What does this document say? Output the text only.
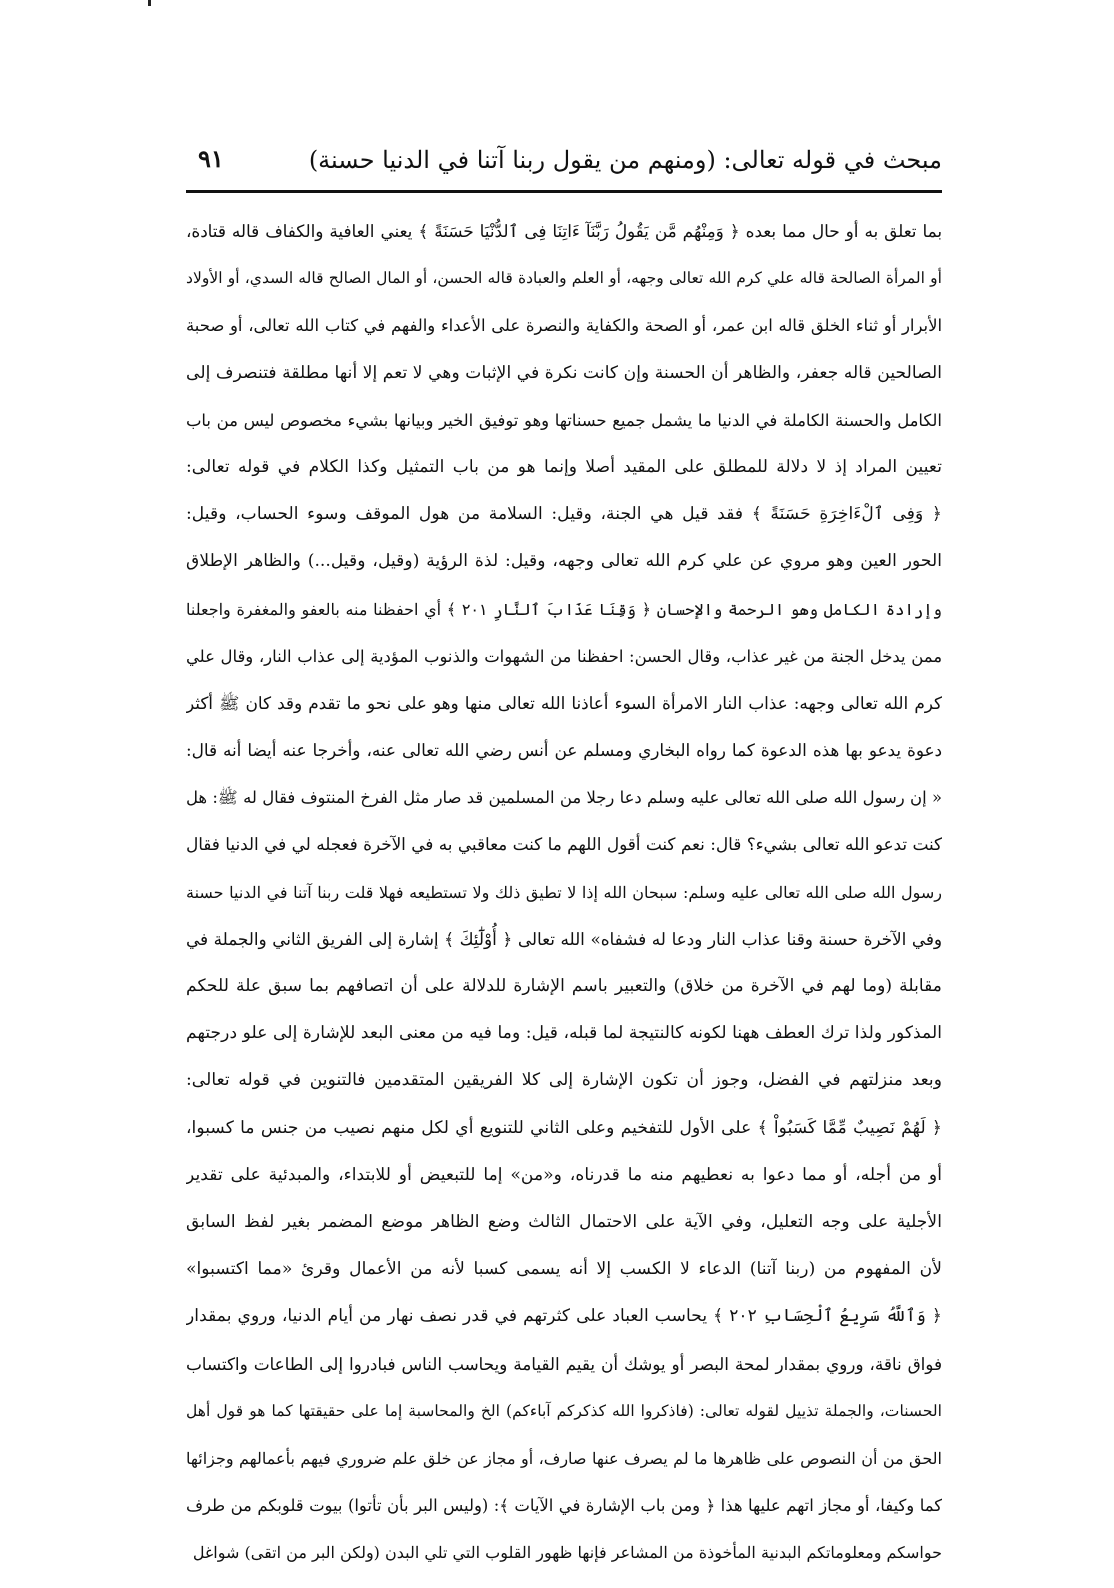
مبحث في قوله تعالى: (ومنهم من يقول ربنا آتنا في الدنيا حسنة)
٩١
بما تعلق به أو حال مما بعده ﴿ وَمِنْهُم مَّن يَقُولُ رَبَّنَآ ءَاتِنَا فِى ٱلدُّنْيَا حَسَنَةً ﴾ يعني العافية والكفاف قاله قتادة،
أو المرأة الصالحة قاله علي كرم الله تعالى وجهه، أو العلم والعبادة قاله الحسن، أو المال الصالح قاله السدي، أو الأولاد
الأبرار أو ثناء الخلق قاله ابن عمر، أو الصحة والكفاية والنصرة على الأعداء والفهم في كتاب الله تعالى، أو صحبة
الصالحين قاله جعفر، والظاهر أن الحسنة وإن كانت نكرة في الإثبات وهي لا تعم إلا أنها مطلقة فتنصرف إلى
الكامل والحسنة الكاملة في الدنيا ما يشمل جميع حسناتها وهو توفيق الخير وبيانها بشيء مخصوص ليس من باب
تعيين المراد إذ لا دلالة للمطلق على المقيد أصلا وإنما هو من باب التمثيل وكذا الكلام في قوله تعالى:
﴿ وَفِى ٱلْءَاخِرَةِ حَسَنَةً ﴾ فقد قيل هي الجنة، وقيل: السلامة من هول الموقف وسوء الحساب، وقيل:
الحور العين وهو مروي عن علي كرم الله تعالى وجهه، وقيل: لذة الرؤية (وقيل، وقيل...) والظاهر الإطلاق
وإرادة الكامل وهو الرحمة والإحسان ﴿ وَقِنَا عَذَابَ ٱلنَّارِ ٢٠١ ﴾ أي احفظنا منه بالعفو والمغفرة واجعلنا
ممن يدخل الجنة من غير عذاب، وقال الحسن: احفظنا من الشهوات والذنوب المؤدية إلى عذاب النار، وقال علي
كرم الله تعالى وجهه: عذاب النار الامرأة السوء أعاذنا الله تعالى منها وهو على نحو ما تقدم وقد كان ﷺ أكثر
دعوة يدعو بها هذه الدعوة كما رواه البخاري ومسلم عن أنس رضي الله تعالى عنه، وأخرجا عنه أيضا أنه قال:
« إن رسول الله صلى الله تعالى عليه وسلم دعا رجلا من المسلمين قد صار مثل الفرخ المنتوف فقال له ﷺ: هل
كنت تدعو الله تعالى بشيء؟ قال: نعم كنت أقول اللهم ما كنت معاقبي به في الآخرة فعجله لي في الدنيا فقال
رسول الله صلى الله تعالى عليه وسلم: سبحان الله إذا لا تطيق ذلك ولا تستطيعه فهلا قلت ربنا آتنا في الدنيا حسنة
وفي الآخرة حسنة وقنا عذاب النار ودعا له فشفاه» الله تعالى ﴿ أُوْلَٰٓئِكَ ﴾ إشارة إلى الفريق الثاني والجملة في
مقابلة (وما لهم في الآخرة من خلاق) والتعبير باسم الإشارة للدلالة على أن اتصافهم بما سبق علة للحكم
المذكور ولذا ترك العطف ههنا لكونه كالنتيجة لما قبله، قيل: وما فيه من معنى البعد للإشارة إلى علو درجتهم
وبعد منزلتهم في الفضل، وجوز أن تكون الإشارة إلى كلا الفريقين المتقدمين فالتنوين في قوله تعالى:
﴿ لَهُمْ نَصِيبٌ مِّمَّا كَسَبُواْ ﴾ على الأول للتفخيم وعلى الثاني للتنويع أي لكل منهم نصيب من جنس ما كسبوا،
أو من أجله، أو مما دعوا به نعطيهم منه ما قدرناه، و«من» إما للتبعيض أو للابتداء، والمبدئية على تقدير
الأجلية على وجه التعليل، وفي الآية على الاحتمال الثالث وضع الظاهر موضع المضمر بغير لفظ السابق
لأن المفهوم من (ربنا آتنا) الدعاء لا الكسب إلا أنه يسمى كسبا لأنه من الأعمال وقرئ «مما اكتسبوا»
﴿ وَٱللَّهُ سَرِيعُ ٱلْحِسَابِ ٢٠٢ ﴾ يحاسب العباد على كثرتهم في قدر نصف نهار من أيام الدنيا، وروي بمقدار
فواق ناقة، وروي بمقدار لمحة البصر أو يوشك أن يقيم القيامة ويحاسب الناس فبادروا إلى الطاعات واكتساب
الحسنات، والجملة تذييل لقوله تعالى: (فاذكروا الله كذكركم آباءكم) الخ والمحاسبة إما على حقيقتها كما هو قول أهل
الحق من أن النصوص على ظاهرها ما لم يصرف عنها صارف، أو مجاز عن خلق علم ضروري فيهم بأعمالهم وجزائها
كما وكيفا، أو مجاز اتهم عليها هذا ﴿ ومن باب الإشارة في الآيات ﴾: (وليس البر بأن تأتوا) بيوت قلوبكم من طرف
حواسكم ومعلوماتكم البدنية المأخوذة من المشاعر فإنها ظهور القلوب التي تلي البدن (ولكن البر من اتقى) شواغل
